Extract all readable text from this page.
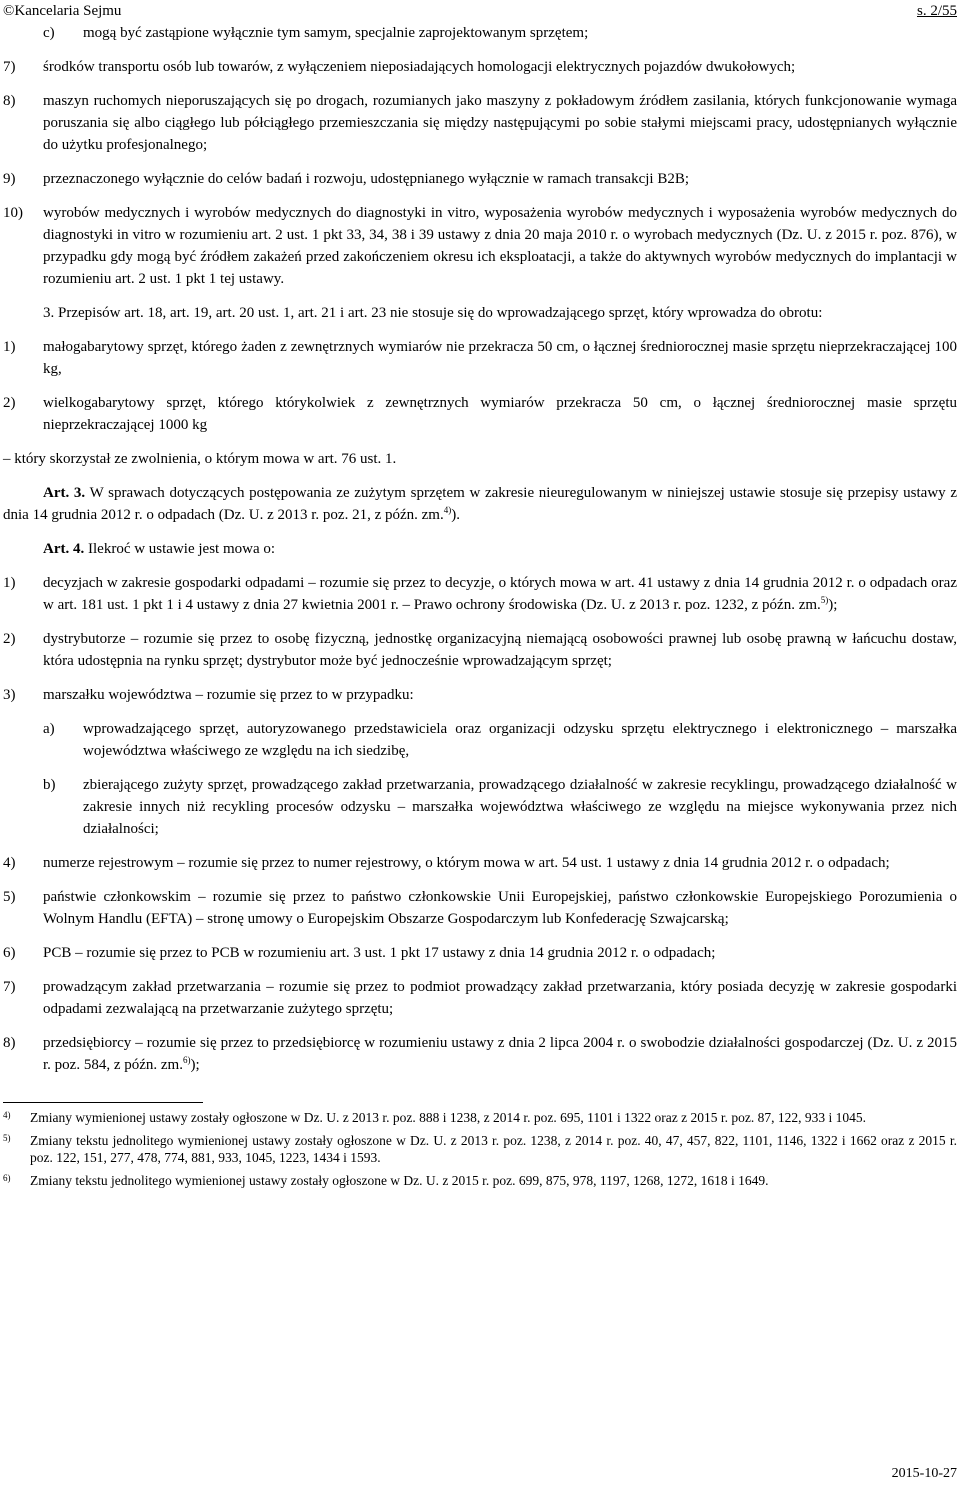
©Kancelaria Sejmu	s. 2/55
c)	mogą być zastąpione wyłącznie tym samym, specjalnie zaprojektowanym sprzętem;
7)	środków transportu osób lub towarów, z wyłączeniem nieposiadających homologacji elektrycznych pojazdów dwukołowych;
8)	maszyn ruchomych nieporuszających się po drogach, rozumianych jako maszyny z pokładowym źródłem zasilania, których funkcjonowanie wymaga poruszania się albo ciągłego lub półciągłego przemieszczania się między następującymi po sobie stałymi miejscami pracy, udostępnianych wyłącznie do użytku profesjonalnego;
9)	przeznaczonego wyłącznie do celów badań i rozwoju, udostępnianego wyłącznie w ramach transakcji B2B;
10)	wyrobów medycznych i wyrobów medycznych do diagnostyki in vitro, wyposażenia wyrobów medycznych i wyposażenia wyrobów medycznych do diagnostyki in vitro w rozumieniu art. 2 ust. 1 pkt 33, 34, 38 i 39 ustawy z dnia 20 maja 2010 r. o wyrobach medycznych (Dz. U. z 2015 r. poz. 876), w przypadku gdy mogą być źródłem zakażeń przed zakończeniem okresu ich eksploatacji, a także do aktywnych wyrobów medycznych do implantacji w rozumieniu art. 2 ust. 1 pkt 1 tej ustawy.
3. Przepisów art. 18, art. 19, art. 20 ust. 1, art. 21 i art. 23 nie stosuje się do wprowadzającego sprzęt, który wprowadza do obrotu:
1)	małogabarytowy sprzęt, którego żaden z zewnętrznych wymiarów nie przekracza 50 cm, o łącznej średniorocznej masie sprzętu nieprzekraczającej 100 kg,
2)	wielkogabarytowy sprzęt, którego którykolwiek z zewnętrznych wymiarów przekracza 50 cm, o łącznej średniorocznej masie sprzętu nieprzekraczającej 1000 kg
– który skorzystał ze zwolnienia, o którym mowa w art. 76 ust. 1.
Art. 3. W sprawach dotyczących postępowania ze zużytym sprzętem w zakresie nieuregulowanym w niniejszej ustawie stosuje się przepisy ustawy z dnia 14 grudnia 2012 r. o odpadach (Dz. U. z 2013 r. poz. 21, z późn. zm.$^{4)}$).
Art. 4. Ilekroć w ustawie jest mowa o:
1)	decyzjach w zakresie gospodarki odpadami – rozumie się przez to decyzje, o których mowa w art. 41 ustawy z dnia 14 grudnia 2012 r. o odpadach oraz w art. 181 ust. 1 pkt 1 i 4 ustawy z dnia 27 kwietnia 2001 r. – Prawo ochrony środowiska (Dz. U. z 2013 r. poz. 1232, z późn. zm.$^{5)}$);
2)	dystrybutorze – rozumie się przez to osobę fizyczną, jednostkę organizacyjną niemającą osobowości prawnej lub osobę prawną w łańcuchu dostaw, która udostępnia na rynku sprzęt; dystrybutor może być jednocześnie wprowadzającym sprzęt;
3)	marszałku województwa – rozumie się przez to w przypadku:
a)	wprowadzającego sprzęt, autoryzowanego przedstawiciela oraz organizacji odzysku sprzętu elektrycznego i elektronicznego – marszałka województwa właściwego ze względu na ich siedzibę,
b)	zbierającego zużyty sprzęt, prowadzącego zakład przetwarzania, prowadzącego działalność w zakresie recyklingu, prowadzącego działalność w zakresie innych niż recykling procesów odzysku – marszałka województwa właściwego ze względu na miejsce wykonywania przez nich działalności;
4)	numerze rejestrowym – rozumie się przez to numer rejestrowy, o którym mowa w art. 54 ust. 1 ustawy z dnia 14 grudnia 2012 r. o odpadach;
5)	państwie członkowskim – rozumie się przez to państwo członkowskie Unii Europejskiej, państwo członkowskie Europejskiego Porozumienia o Wolnym Handlu (EFTA) – stronę umowy o Europejskim Obszarze Gospodarczym lub Konfederację Szwajcarską;
6)	PCB – rozumie się przez to PCB w rozumieniu art. 3 ust. 1 pkt 17 ustawy z dnia 14 grudnia 2012 r. o odpadach;
7)	prowadzącym zakład przetwarzania – rozumie się przez to podmiot prowadzący zakład przetwarzania, który posiada decyzję w zakresie gospodarki odpadami zezwalającą na przetwarzanie zużytego sprzętu;
8)	przedsiębiorcy – rozumie się przez to przedsiębiorcę w rozumieniu ustawy z dnia 2 lipca 2004 r. o swobodzie działalności gospodarczej (Dz. U. z 2015 r. poz. 584, z późn. zm.$^{6)}$);
4)	Zmiany wymienionej ustawy zostały ogłoszone w Dz. U. z 2013 r. poz. 888 i 1238, z 2014 r. poz. 695, 1101 i 1322 oraz z 2015 r. poz. 87, 122, 933 i 1045.
5)	Zmiany tekstu jednolitego wymienionej ustawy zostały ogłoszone w Dz. U. z 2013 r. poz. 1238, z 2014 r. poz. 40, 47, 457, 822, 1101, 1146, 1322 i 1662 oraz z 2015 r. poz. 122, 151, 277, 478, 774, 881, 933, 1045, 1223, 1434 i 1593.
6)	Zmiany tekstu jednolitego wymienionej ustawy zostały ogłoszone w Dz. U. z 2015 r. poz. 699, 875, 978, 1197, 1268, 1272, 1618 i 1649.
2015-10-27
